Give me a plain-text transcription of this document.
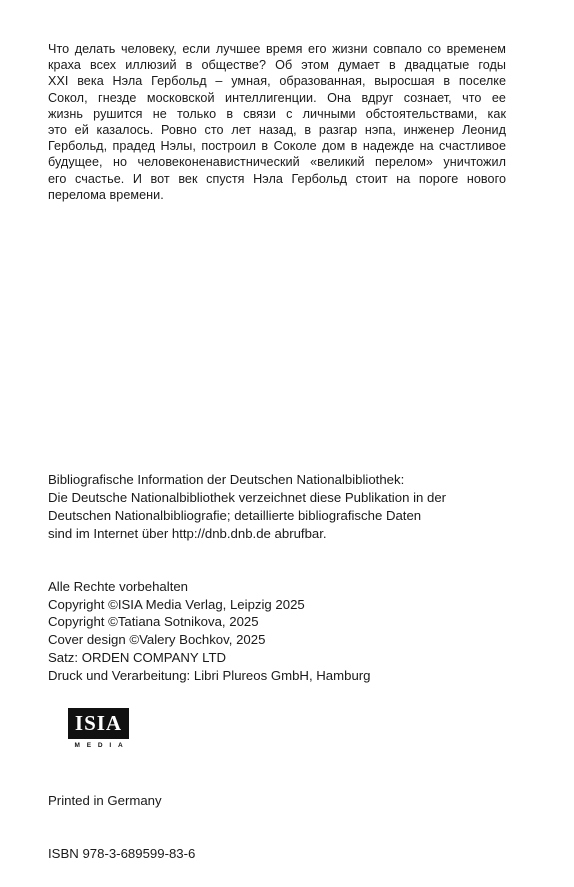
Что делать человеку, если лучшее время его жизни совпало со временем
краха всех иллюзий в обществе? Об этом думает в двадцатые годы
XXI века Нэла Гербольд – умная, образованная, выросшая в поселке
Сокол, гнезде московской интеллигенции. Она вдруг сознает, что ее
жизнь рушится не только в связи с личными обстоятельствами, как
это ей казалось. Ровно сто лет назад, в разгар нэпа, инженер Леонид
Гербольд, прадед Нэлы, построил в Соколе дом в надежде на счастливое
будущее, но человеконенавистнический «великий перелом» уничтожил
его счастье. И вот век спустя Нэла Гербольд стоит на пороге нового
перелома времени.

Bibliografische Information der Deutschen Nationalbibliothek:
Die Deutsche Nationalbibliothek verzeichnet diese Publikation in der
Deutschen Nationalbibliografie; detaillierte bibliografische Daten
sind im Internet über http://dnb.dnb.de abrufbar.

Alle Rechte vorbehalten
Copyright ©ISIA Media Verlag, Leipzig 2025
Copyright ©Tatiana Sotnikova, 2025
Cover design ©Valery Bochkov, 2025
Satz: ORDEN COMPANY LTD
Druck und Verarbeitung: Libri Plureos GmbH, Hamburg

ISIA
MEDIA

Printed in Germany

ISBN 978-3-689599-83-6
